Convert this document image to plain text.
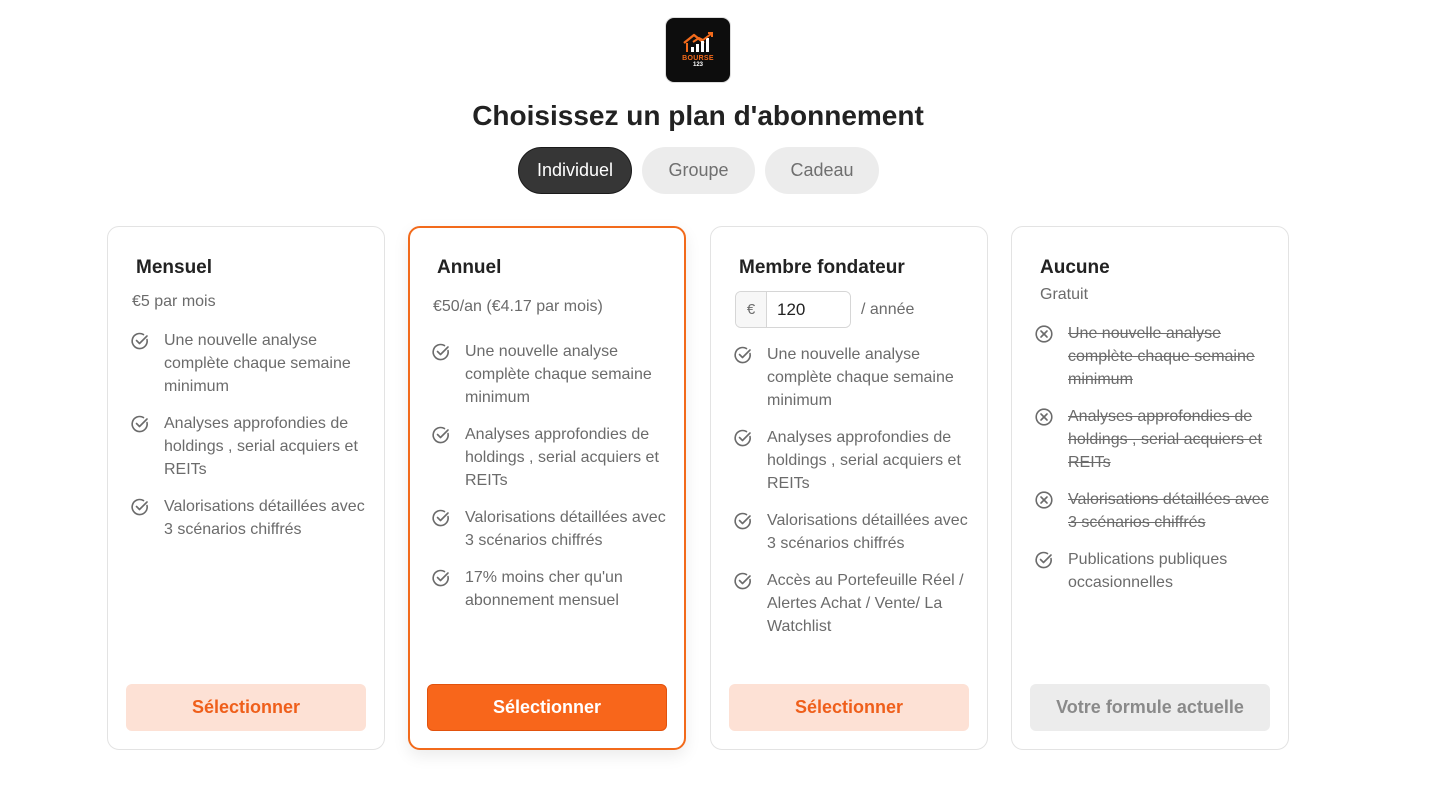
BOURSE
123
Choisissez un plan d'abonnement
Individuel	Groupe	Cadeau
Mensuel
€5 par mois
Une nouvelle analyse complète chaque semaine minimum
Analyses approfondies de holdings , serial acquiers et REITs
Valorisations détaillées avec 3 scénarios chiffrés
Sélectionner
Annuel
€50/an (€4.17 par mois)
Une nouvelle analyse complète chaque semaine minimum
Analyses approfondies de holdings , serial acquiers et REITs
Valorisations détaillées avec 3 scénarios chiffrés
17% moins cher qu'un abonnement mensuel
Sélectionner
Membre fondateur
€
120	/ année
Une nouvelle analyse complète chaque semaine minimum
Analyses approfondies de holdings , serial acquiers et REITs
Valorisations détaillées avec 3 scénarios chiffrés
Accès au Portefeuille Réel / Alertes Achat / Vente/ La Watchlist
Sélectionner
Aucune
Gratuit
Une nouvelle analyse complète chaque semaine minimum
Analyses approfondies de holdings , serial acquiers et REITs
Valorisations détaillées avec 3 scénarios chiffrés
Publications publiques occasionnelles
Votre formule actuelle
